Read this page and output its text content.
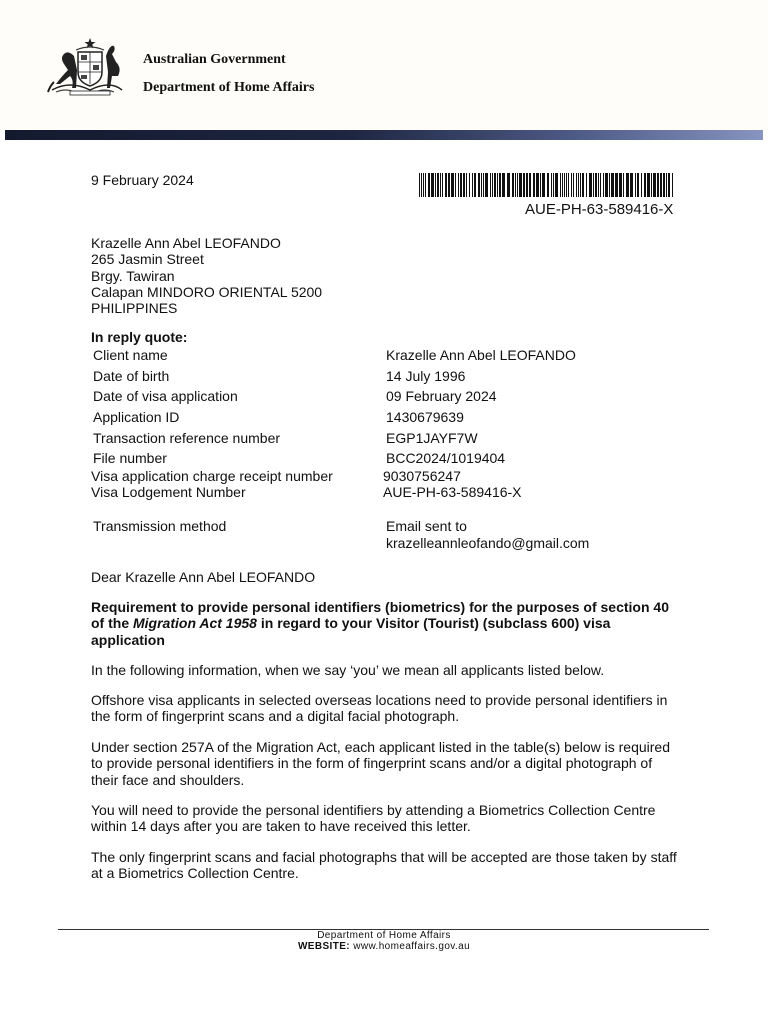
Australian Government
Department of Home Affairs
9 February 2024
AUE-PH-63-589416-X
Krazelle Ann Abel LEOFANDO
265 Jasmin Street
Brgy. Tawiran
Calapan MINDORO ORIENTAL 5200
PHILIPPINES
In reply quote:
Client name	Krazelle Ann Abel LEOFANDO
Date of birth	14 July 1996
Date of visa application	09 February 2024
Application ID	1430679639
Transaction reference number	EGP1JAYF7W
File number	BCC2024/1019404
Visa application charge receipt number	9030756247
Visa Lodgement Number	AUE-PH-63-589416-X
Transmission method	Email sent to
krazelleannleofando@gmail.com
Dear Krazelle Ann Abel LEOFANDO
Requirement to provide personal identifiers (biometrics) for the purposes of section 40 of the Migration Act 1958 in regard to your Visitor (Tourist) (subclass 600) visa application
In the following information, when we say ‘you’ we mean all applicants listed below.
Offshore visa applicants in selected overseas locations need to provide personal identifiers in the form of fingerprint scans and a digital facial photograph.
Under section 257A of the Migration Act, each applicant listed in the table(s) below is required to provide personal identifiers in the form of fingerprint scans and/or a digital photograph of their face and shoulders.
You will need to provide the personal identifiers by attending a Biometrics Collection Centre within 14 days after you are taken to have received this letter.
The only fingerprint scans and facial photographs that will be accepted are those taken by staff at a Biometrics Collection Centre.
Department of Home Affairs
WEBSITE: www.homeaffairs.gov.au
